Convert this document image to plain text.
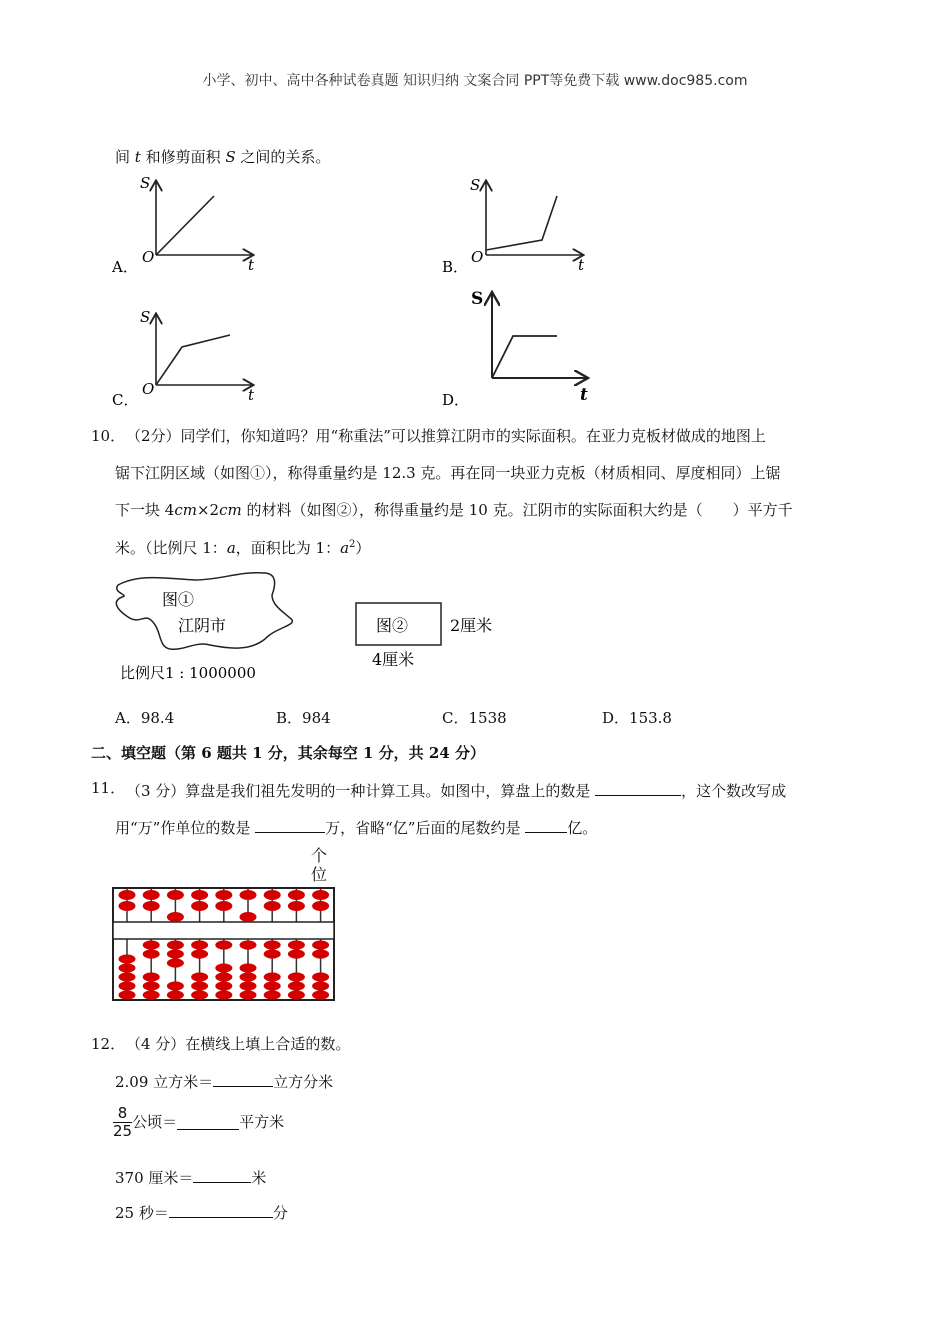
小学、初中、高中各种试卷真题 知识归纳 文案合同 PPT等免费下载 www.doc985.com
间 t 和修剪面积 S 之间的关系。
S
O	t
A．
S
O	t
B．
S
O	t
C．
S
t
D．
10． （2分）同学们，你知道吗？用“称重法”可以推算江阴市的实际面积。在亚力克板材做成的地图上
锯下江阴区域（如图①），称得重量约是 12.3 克。再在同一块亚力克板（材质相同、厚度相同）上锯
下一块 4cm×2cm 的材料（如图②），称得重量约是 10 克。江阴市的实际面积大约是（　　）平方千
米。（比例尺 1：a，面积比为 1：$a^2$）
图①
江阴市
比例尺1 : 1000000
图②	2厘米
4厘米
A．98.4	B．984	C．1538	D．153.8
二、填空题（第 6 题共 1 分，其余每空 1 分，共 24 分）
11． （3 分）算盘是我们祖先发明的一种计算工具。如图中，算盘上的数是	，这个数改写成
用“万”作单位的数是	万，省略“亿”后面的尾数约是	亿。
个
位
12． （4 分）在横线上填上合适的数。
2.09 立方米＝	立方分米
$\frac{8}{25}$ 公顷＝	平方米
370 厘米＝	米
25 秒＝	分
